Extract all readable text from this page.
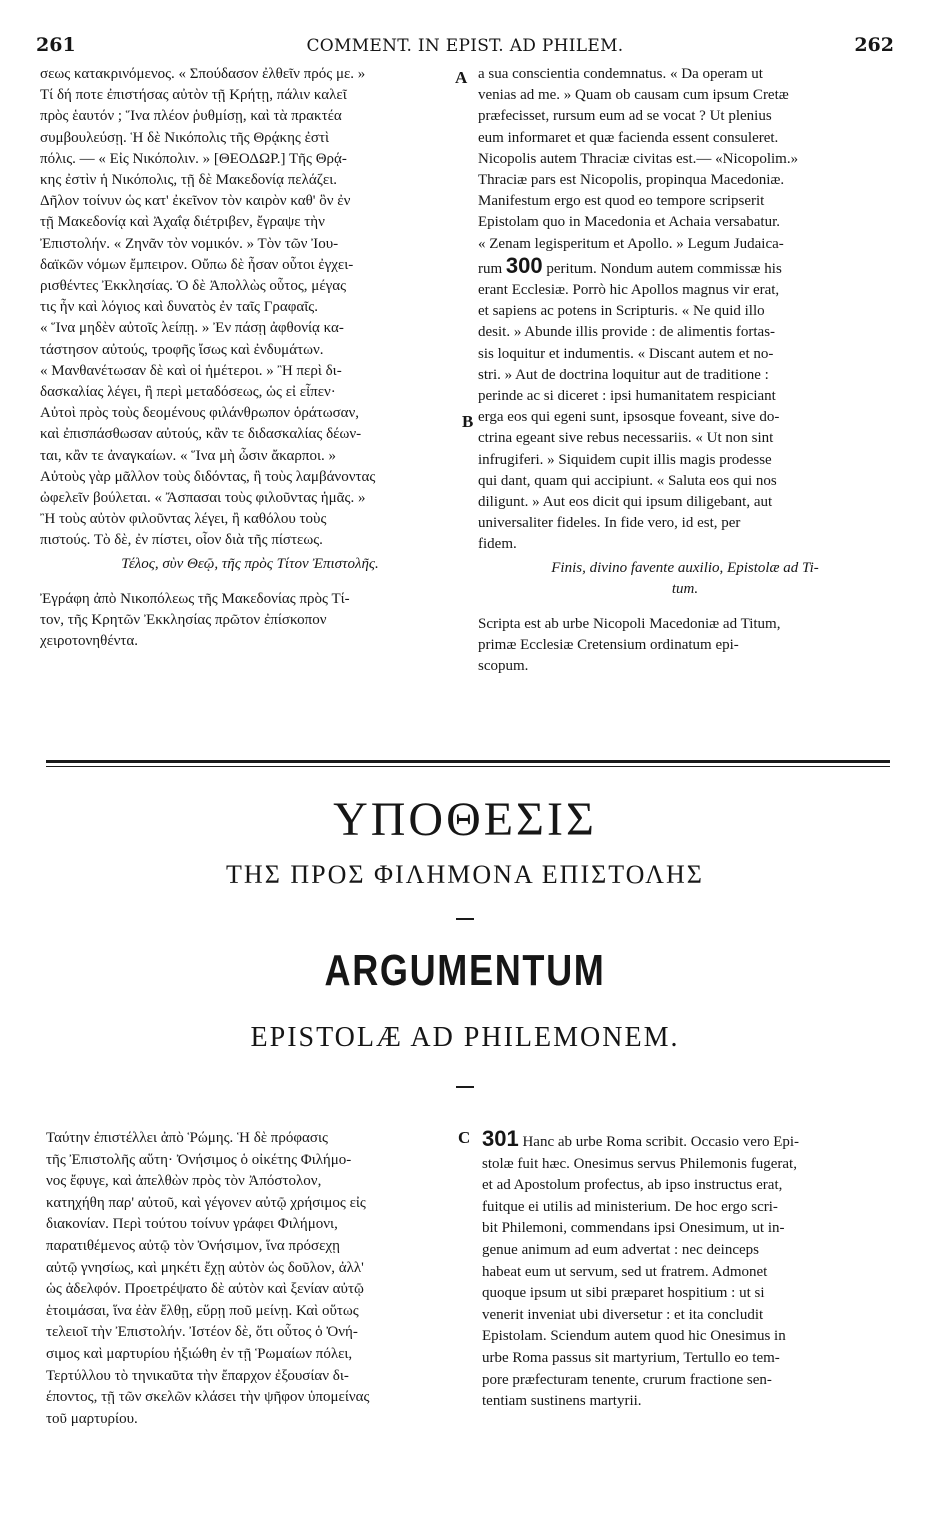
261	COMMENT. IN EPIST. AD PHILEM.	262

σεως κατακρινόμενος. « Σπούδασον ἐλθεῖν πρός με. »

Τί δή ποτε ἐπιστήσας αὐτὸν τῇ Κρήτῃ, πάλιν καλεῖ

πρὸς ἑαυτόν ; Ἵνα πλέον ῥυθμίσῃ, καὶ τὰ πρακτέα

συμβουλεύσῃ. Ἡ δὲ Νικόπολις τῆς Θρᾴκης ἐστὶ

πόλις. — « Εἰς Νικόπολιν. » [ΘΕΟΔΩΡ.] Τῆς Θρᾴ-

κης ἐστὶν ἡ Νικόπολις, τῇ δὲ Μακεδονίᾳ πελάζει.

Δῆλον τοίνυν ὡς κατ' ἐκεῖνον τὸν καιρὸν καθ' ὃν ἐν

τῇ Μακεδονίᾳ καὶ Ἀχαΐᾳ διέτριβεν, ἔγραψε τὴν

Ἐπιστολήν. « Ζηνᾶν τὸν νομικόν. » Τὸν τῶν Ἰου-

δαϊκῶν νόμων ἔμπειρον. Οὔπω δὲ ἦσαν οὗτοι ἐγχει-

ρισθέντες Ἐκκλησίας. Ὁ δὲ Ἀπολλὼς οὗτος, μέγας

τις ἦν καὶ λόγιος καὶ δυνατὸς ἐν ταῖς Γραφαῖς.

« Ἵνα μηδὲν αὐτοῖς λείπῃ. » Ἐν πάσῃ ἀφθονίᾳ κα-

τάστησον αὐτούς, τροφῆς ἴσως καὶ ἐνδυμάτων.

« Μανθανέτωσαν δὲ καὶ οἱ ἡμέτεροι. » Ἢ περὶ δι-

δασκαλίας λέγει, ἢ περὶ μεταδόσεως, ὡς εἰ εἶπεν·

Αὐτοὶ πρὸς τοὺς δεομένους φιλάνθρωπον ὁράτωσαν,

καὶ ἐπισπάσθωσαν αὐτούς, κἂν τε διδασκαλίας δέων-

ται, κἂν τε ἀναγκαίων. « Ἵνα μὴ ὦσιν ἄκαρποι. »

Αὐτοὺς γὰρ μᾶλλον τοὺς διδόντας, ἢ τοὺς λαμβάνοντας

ὠφελεῖν βούλεται. « Ἄσπασαι τοὺς φιλοῦντας ἡμᾶς. »

Ἢ τοὺς αὐτὸν φιλοῦντας λέγει, ἢ καθόλου τοὺς

πιστούς. Τὸ δὲ, ἐν πίστει, οἷον διὰ τῆς πίστεως.

Τέλος, σὺν Θεῷ, τῆς πρὸς Τίτον Ἐπιστολῆς.

Ἐγράφη ἀπὸ Νικοπόλεως τῆς Μακεδονίας πρὸς Τί-

τον, τῆς Κρητῶν Ἐκκλησίας πρῶτον ἐπίσκοπον

χειροτονηθέντα.

A
B

a sua conscientia condemnatus. « Da operam ut

venias ad me. » Quam ob causam cum ipsum Cretæ

præfecisset, rursum eum ad se vocat ? Ut plenius

eum informaret et quæ facienda essent consuleret.

Nicopolis autem Thraciæ civitas est.— «Nicopolim.»

Thraciæ pars est Nicopolis, propinqua Macedoniæ.

Manifestum ergo est quod eo tempore scripserit

Epistolam quo in Macedonia et Achaia versabatur.

« Zenam legisperitum et Apollo. » Legum Judaica-

rum 300 peritum. Nondum autem commissæ his

erant Ecclesiæ. Porrò hic Apollos magnus vir erat,

et sapiens ac potens in Scripturis. « Ne quid illo

desit. » Abunde illis provide : de alimentis fortas-

sis loquitur et indumentis. « Discant autem et no-

stri. » Aut de doctrina loquitur aut de traditione :

perinde ac si diceret : ipsi humanitatem respiciant

erga eos qui egeni sunt, ipsosque foveant, sive do-

ctrina egeant sive rebus necessariis. « Ut non sint

infrugiferi. » Siquidem cupit illis magis prodesse

qui dant, quam qui accipiunt. « Saluta eos qui nos

diligunt. » Aut eos dicit qui ipsum diligebant, aut

universaliter fideles. In fide vero, id est, per

fidem.

Finis, divino favente auxilio, Epistolæ ad Ti-

tum.

Scripta est ab urbe Nicopoli Macedoniæ ad Titum,

primæ Ecclesiæ Cretensium ordinatum epi-

scopum.

ΥΠΟΘΕΣΙΣ
ΤΗΣ ΠΡΟΣ ΦΙΛΗΜΟΝΑ ΕΠΙΣΤΟΛΗΣ
ARGUMENTUM
EPISTOLÆ AD PHILEMONEM.

Ταύτην ἐπιστέλλει ἀπὸ Ῥώμης. Ἡ δὲ πρόφασις

τῆς Ἐπιστολῆς αὕτη· Ὀνήσιμος ὁ οἰκέτης Φιλήμο-

νος ἔφυγε, καὶ ἀπελθὼν πρὸς τὸν Ἀπόστολον,

κατηχήθη παρ' αὐτοῦ, καὶ γέγονεν αὐτῷ χρήσιμος εἰς

διακονίαν. Περὶ τούτου τοίνυν γράφει Φιλήμονι,

παρατιθέμενος αὐτῷ τὸν Ὀνήσιμον, ἵνα πρόσεχῃ

αὐτῷ γνησίως, καὶ μηκέτι ἔχῃ αὐτὸν ὡς δοῦλον, ἀλλ'

ὡς ἀδελφόν. Προετρέψατο δὲ αὐτὸν καὶ ξενίαν αὐτῷ

ἑτοιμάσαι, ἵνα ἐὰν ἔλθῃ, εὕρῃ ποῦ μείνῃ. Καὶ οὕτως

τελειοῖ τὴν Ἐπιστολήν. Ἰστέον δὲ, ὅτι οὗτος ὁ Ὀνή-

σιμος καὶ μαρτυρίου ἠξιώθη ἐν τῇ Ῥωμαίων πόλει,

Τερτύλλου τὸ τηνικαῦτα τὴν ἔπαρχον ἐξουσίαν δι-

έποντος, τῇ τῶν σκελῶν κλάσει τὴν ψῆφον ὑπομείνας

τοῦ μαρτυρίου.

C 301 Hanc ab urbe Roma scribit. Occasio vero Epi-

stolæ fuit hæc. Onesimus servus Philemonis fugerat,

et ad Apostolum profectus, ab ipso instructus erat,

fuitque ei utilis ad ministerium. De hoc ergo scri-

bit Philemoni, commendans ipsi Onesimum, ut in-

genue animum ad eum advertat : nec deinceps

habeat eum ut servum, sed ut fratrem. Admonet

quoque ipsum ut sibi præparet hospitium : ut si

venerit inveniat ubi diversetur : et ita concludit

Epistolam. Sciendum autem quod hic Onesimus in

urbe Roma passus sit martyrium, Tertullo eo tem-

pore præfecturam tenente, crurum fractione sen-

tentiam sustinens martyrii.
